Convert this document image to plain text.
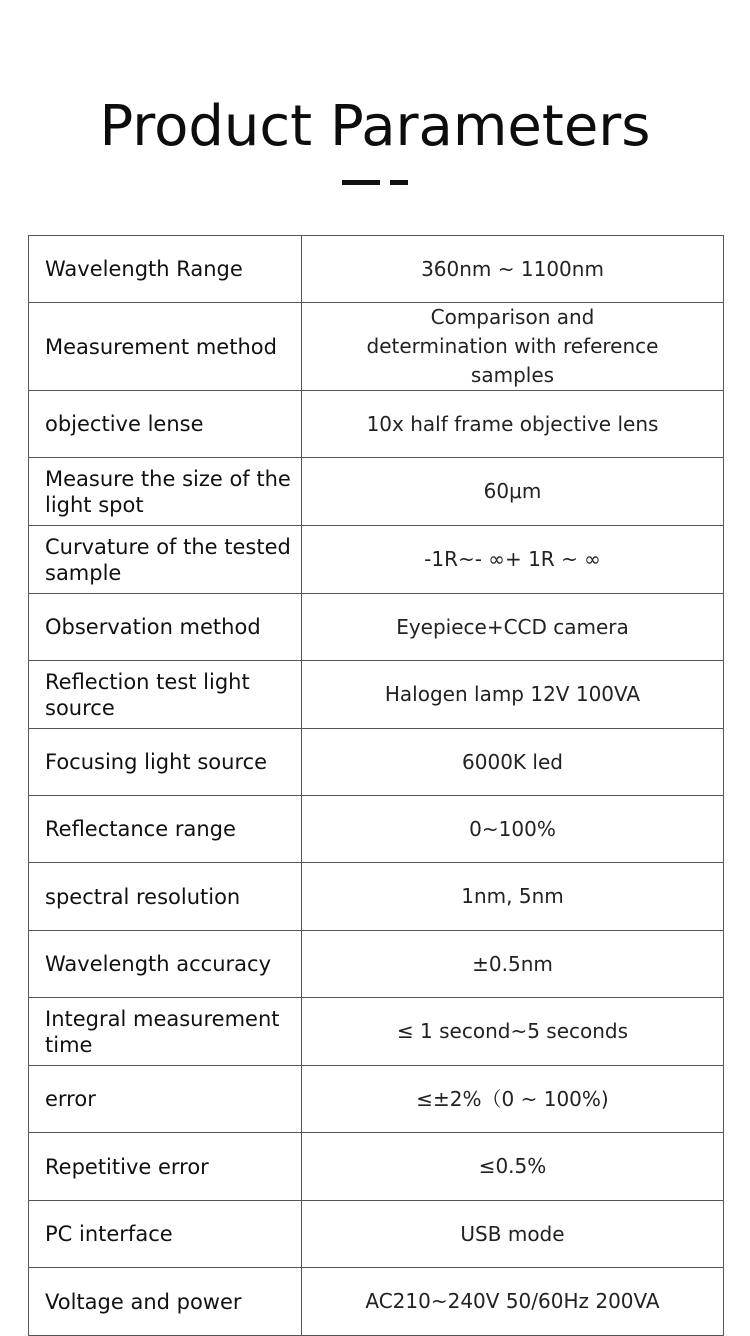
Product Parameters
Wavelength Range	360nm ~ 1100nm
Measurement method	Comparison and determination with reference samples
objective lense	10x half frame objective lens
Measure the size of the light spot	60μm
Curvature of the tested sample	-1R~- ∞+ 1R ~ ∞
Observation method	Eyepiece+CCD camera
Reflection test light source	Halogen lamp 12V 100VA
Focusing light source	6000K led
Reflectance range	0~100%
spectral resolution	1nm, 5nm
Wavelength accuracy	±0.5nm
Integral measurement time	≤ 1 second~5 seconds
error	≤±2%（0 ~ 100%)
Repetitive error	≤0.5%
PC interface	USB mode
Voltage and power	AC210~240V 50/60Hz 200VA
